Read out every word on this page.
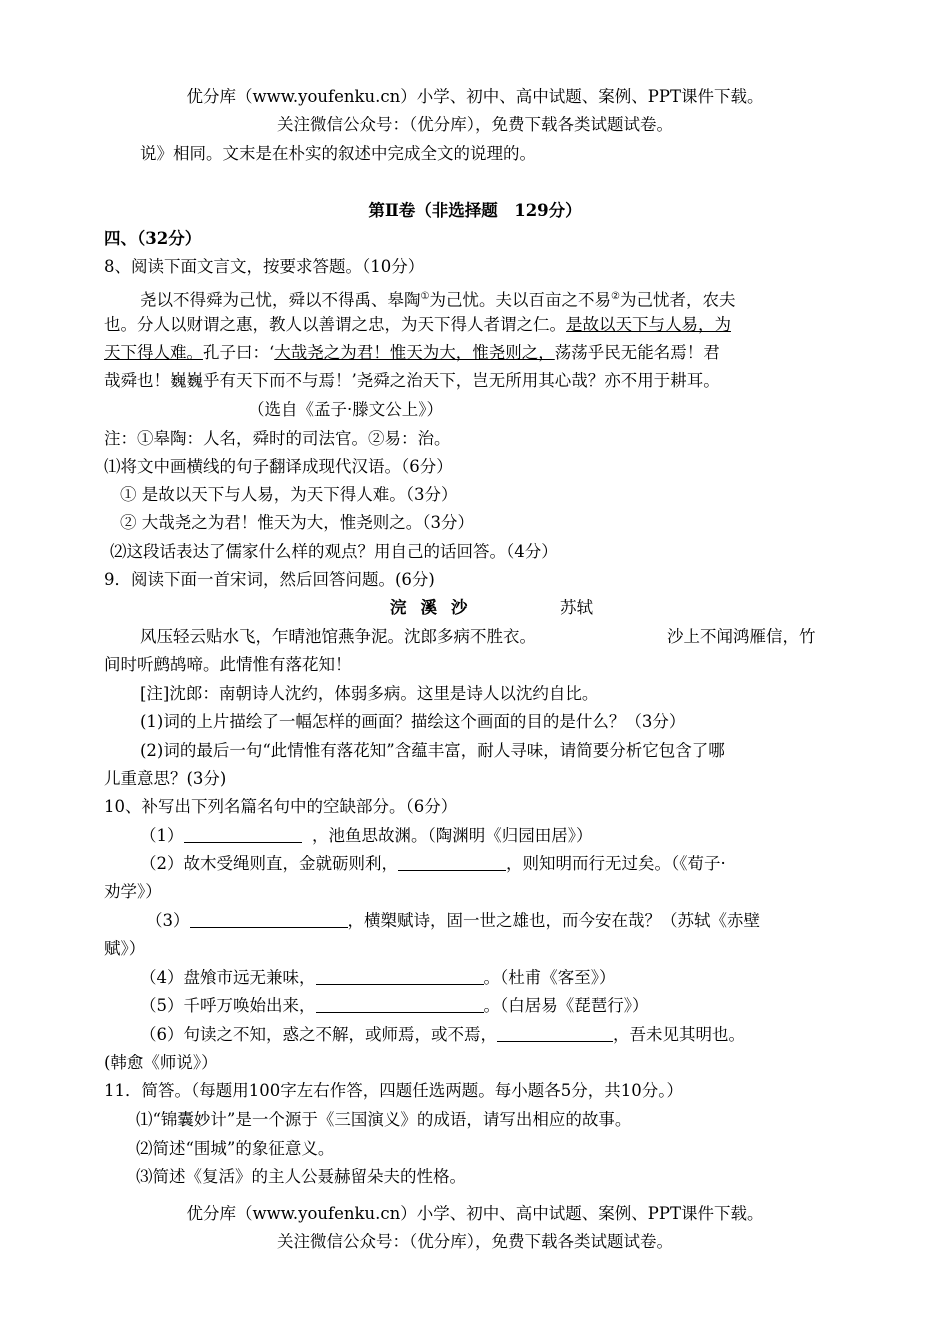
优分库（www.youfenku.cn）小学、初中、高中试题、案例、PPT课件下载。
关注微信公众号：（优分库），免费下载各类试题试卷。
说》相同。文末是在朴实的叙述中完成全文的说理的。
第Ⅱ卷（非选择题　129分）
四、（32分）
8、阅读下面文言文，按要求答题。（10分）
尧以不得舜为己忧，舜以不得禹、皋陶①为己忧。夫以百亩之不易②为己忧者，农夫
也。分人以财谓之惠，教人以善谓之忠，为天下得人者谓之仁。是故以天下与人易，为
天下得人难。孔子曰：‘大哉尧之为君！惟天为大，惟尧则之，荡荡乎民无能名焉！君
哉舜也！巍巍乎有天下而不与焉！’尧舜之治天下，岂无所用其心哉？亦不用于耕耳。
（选自《孟子·滕文公上》）
注：①皋陶：人名，舜时的司法官。②易：治。
⑴将文中画横线的句子翻译成现代汉语。（6分）
① 是故以天下与人易，为天下得人难。（3分）
② 大哉尧之为君！惟天为大，惟尧则之。（3分）
⑵这段话表达了儒家什么样的观点？用自己的话回答。（4分）
9．阅读下面一首宋词，然后回答问题。(6分)
浣溪沙	苏轼
风压轻云贴水飞，乍晴池馆燕争泥。沈郎多病不胜衣。	沙上不闻鸿雁信，竹
间时听鹧鸪啼。此情惟有落花知！
[注]沈郎：南朝诗人沈约，体弱多病。这里是诗人以沈约自比。
(1)词的上片描绘了一幅怎样的画面？描绘这个画面的目的是什么？（3分）
(2)词的最后一句“此情惟有落花知”含蕴丰富，耐人寻味，请简要分析它包含了哪
儿重意思？(3分)
10、补写出下列名篇名句中的空缺部分。（6分）
（1）	，池鱼思故渊。（陶渊明《归园田居》）
（2）故木受绳则直，金就砺则利，	，则知明而行无过矣。（《荀子·
劝学》）
（3）	，横槊赋诗，固一世之雄也，而今安在哉？（苏轼《赤壁
赋》）
（4）盘飧市远无兼味，	。（杜甫《客至》）
（5）千呼万唤始出来，	。（白居易《琵琶行》）
（6）句读之不知，惑之不解，或师焉，或不焉，	，吾未见其明也。
(韩愈《师说》）
11．简答。（每题用100字左右作答，四题任选两题。每小题各5分，共10分。）
⑴“锦囊妙计”是一个源于《三国演义》的成语，请写出相应的故事。
⑵简述“围城”的象征意义。
⑶简述《复活》的主人公聂赫留朵夫的性格。
优分库（www.youfenku.cn）小学、初中、高中试题、案例、PPT课件下载。
关注微信公众号：（优分库），免费下载各类试题试卷。
